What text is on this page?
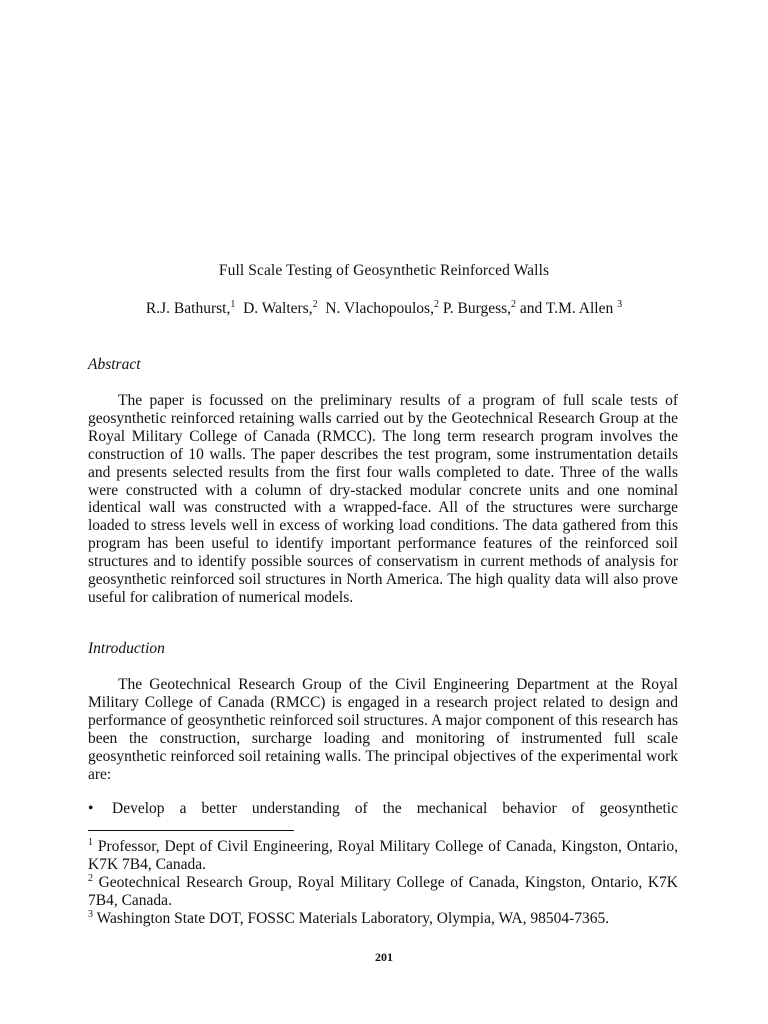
Full Scale Testing of Geosynthetic Reinforced Walls
R.J. Bathurst,$^1$ D. Walters,$^2$ N. Vlachopoulos,$^2$ P. Burgess,$^2$ and T.M. Allen $^3$
Abstract
The paper is focussed on the preliminary results of a program of full scale tests of geosynthetic reinforced retaining walls carried out by the Geotechnical Research Group at the Royal Military College of Canada (RMCC). The long term research program involves the construction of 10 walls. The paper describes the test program, some instrumentation details and presents selected results from the first four walls completed to date. Three of the walls were constructed with a column of dry-stacked modular concrete units and one nominal identical wall was constructed with a wrapped-face. All of the structures were surcharge loaded to stress levels well in excess of working load conditions. The data gathered from this program has been useful to identify important performance features of the reinforced soil structures and to identify possible sources of conservatism in current methods of analysis for geosynthetic reinforced soil structures in North America. The high quality data will also prove useful for calibration of numerical models.
Introduction
The Geotechnical Research Group of the Civil Engineering Department at the Royal Military College of Canada (RMCC) is engaged in a research project related to design and performance of geosynthetic reinforced soil structures. A major component of this research has been the construction, surcharge loading and monitoring of instrumented full scale geosynthetic reinforced soil retaining walls. The principal objectives of the experimental work are:
• Develop a better understanding of the mechanical behavior of geosynthetic
$^1$ Professor, Dept of Civil Engineering, Royal Military College of Canada, Kingston, Ontario, K7K 7B4, Canada.
$^2$ Geotechnical Research Group, Royal Military College of Canada, Kingston, Ontario, K7K 7B4, Canada.
$^3$ Washington State DOT, FOSSC Materials Laboratory, Olympia, WA, 98504-7365.
201
